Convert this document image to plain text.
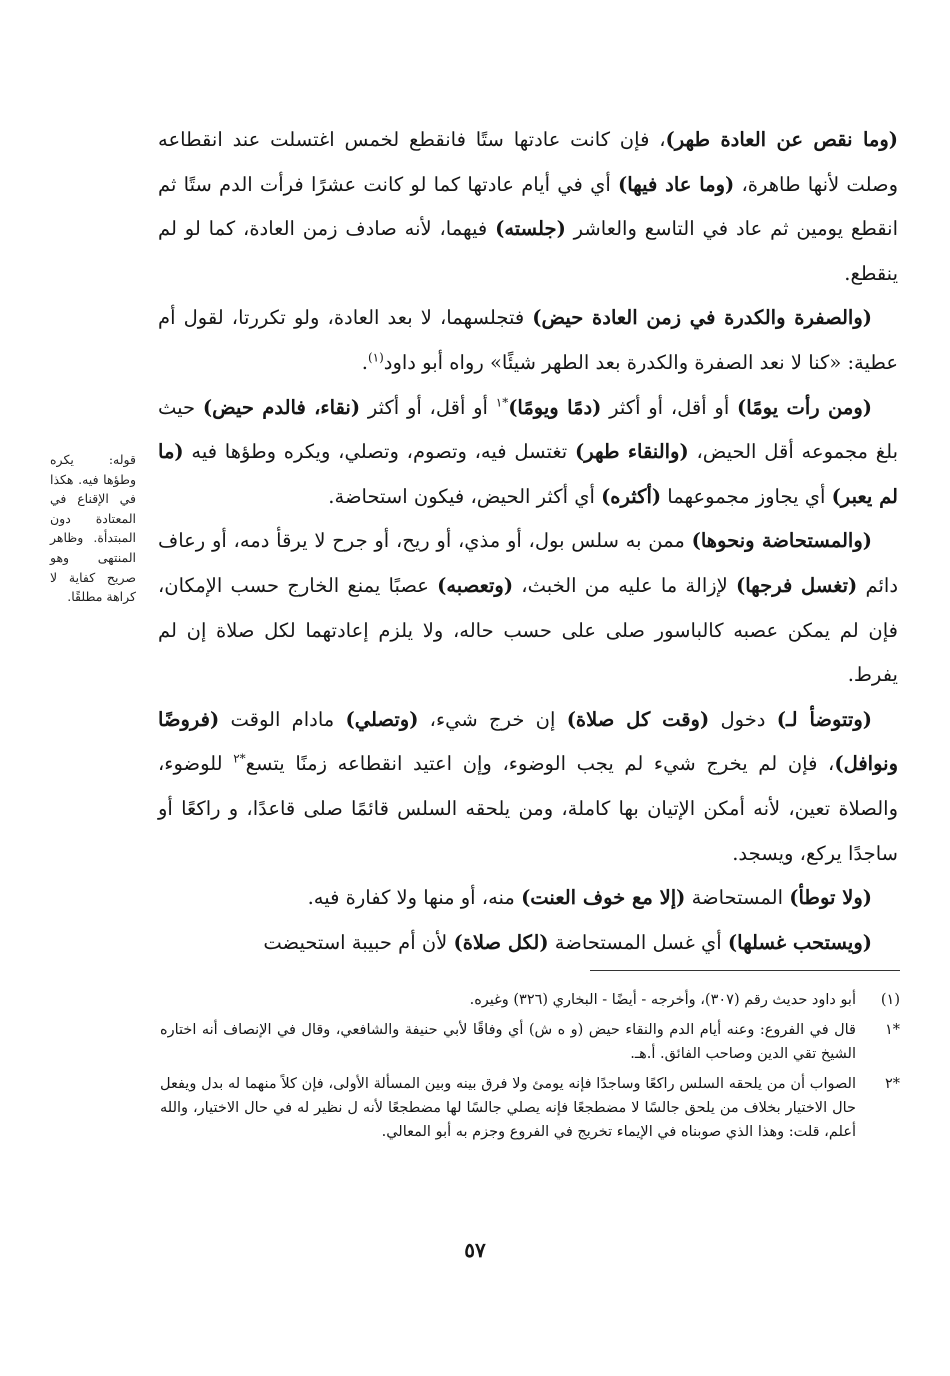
(وما نقص عن العادة طهر)، فإن كانت عادتها ستًا فانقطع لخمس اغتسلت عند انقطاعه وصلت لأنها طاهرة، (وما عاد فيها) أي في أيام عادتها كما لو كانت عشرًا فرأت الدم ستًا ثم انقطع يومين ثم عاد في التاسع والعاشر (جلسته) فيهما، لأنه صادف زمن العادة، كما لو لم ينقطع.

(والصفرة والكدرة في زمن العادة حيض) فتجلسهما، لا بعد العادة، ولو تكررتا، لقول أم عطية: «كنا لا نعد الصفرة والكدرة بعد الطهر شيئًا» رواه أبو داود$^{(١)}$.

(ومن رأت يومًا) أو أقل، أو أكثر (دمًا ويومًا)$^{*١}$ أو أقل، أو أكثر (نقاء، فالدم حيض) حيث بلغ مجموعه أقل الحيض، (والنقاء طهر) تغتسل فيه، وتصوم، وتصلي، ويكره وطؤها فيه (ما لم يعبر) أي يجاوز مجموعهما (أكثره) أي أكثر الحيض، فيكون استحاضة.

(والمستحاضة ونحوها) ممن به سلس بول، أو مذي، أو ريح، أو جرح لا يرقأ دمه، أو رعاف دائم (تغسل فرجها) لإزالة ما عليه من الخبث، (وتعصبه) عصبًا يمنع الخارج حسب الإمكان، فإن لم يمكن عصبه كالباسور صلى على حسب حاله، ولا يلزم إعادتهما لكل صلاة إن لم يفرط.

(وتتوضأ لـ) دخول (وقت كل صلاة) إن خرج شيء، (وتصلي) مادام الوقت (فروضًا ونوافل)، فإن لم يخرج شيء لم يجب الوضوء، وإن اعتيد انقطاعه زمنًا يتسع$^{*٢}$ للوضوء، والصلاة تعين، لأنه أمكن الإتيان بها كاملة، ومن يلحقه السلس قائمًا صلى قاعدًا، و راكعًا أو ساجدًا يركع، ويسجد.

(ولا توطأ) المستحاضة (إلا مع خوف العنت) منه، أو منها ولا كفارة فيه.

(ويستحب غسلها) أي غسل المستحاضة (لكل صلاة) لأن أم حبيبة استحيضت

قوله: يكره وطؤها فيه. هكذا في الإقناع في المعتادة دون المبتدأة. وظاهر المنتهى وهو صريح كفاية لا كراهة مطلقًا.
(١)
أبو داود حديث رقم (٣٠٧)، وأخرجه - أيضًا - البخاري (٣٢٦) وغيره.
*١
قال في الفروع: وعنه أيام الدم والنقاء حيض (و ه ش) أي وفاقًا لأبي حنيفة والشافعي، وقال في الإنصاف أنه اختاره الشيخ تقي الدين وصاحب الفائق. أ.هـ.
*٢
الصواب أن من يلحقه السلس راكعًا وساجدًا فإنه يومئ ولا فرق بينه وبين المسألة الأولى، فإن كلاً منهما له بدل ويفعل حال الاختيار بخلاف من يلحق جالسًا لا مضطجعًا فإنه يصلي جالسًا لها مضطجعًا لأنه ل نظير له في حال الاختيار، والله أعلم، قلت: وهذا الذي صوبناه في الإيماء تخريج في الفروع وجزم به أبو المعالي.
٥٧
